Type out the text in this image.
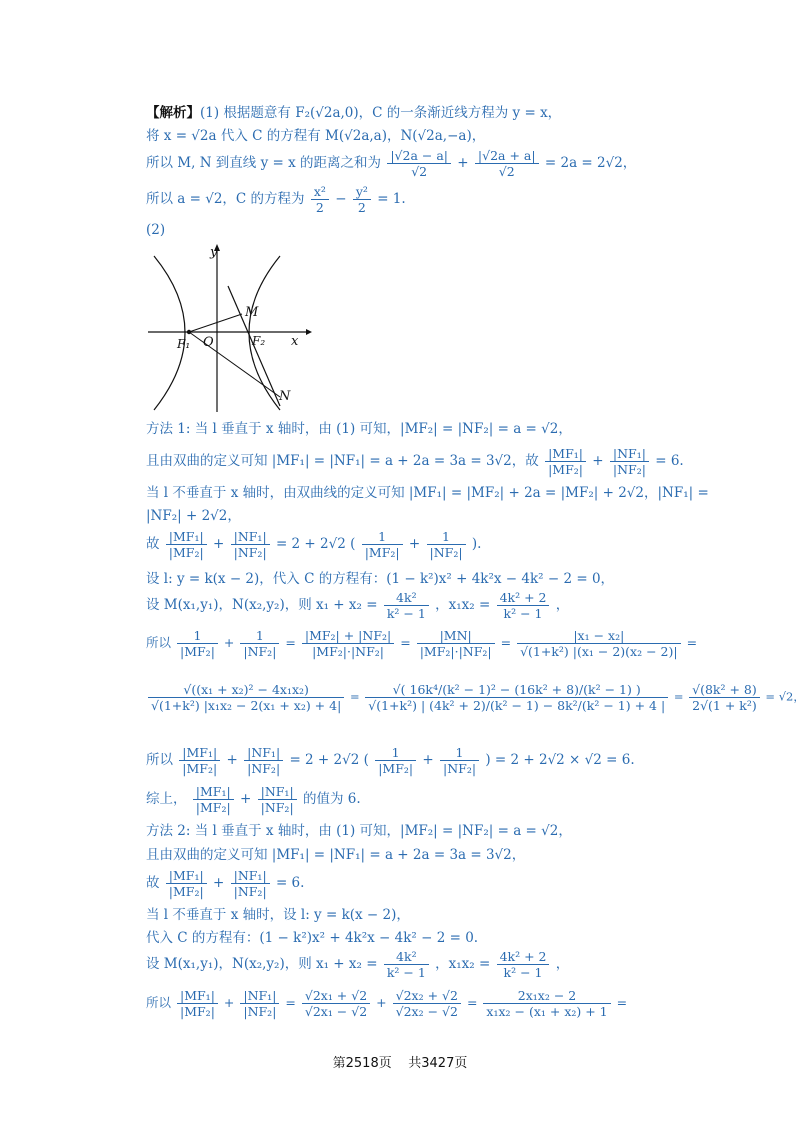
【解析】(1) 根据题意有 F₂(√2a,0)，C 的一条渐近线方程为 y = x，
将 x = √2a 代入 C 的方程有 M(√2a,a)，N(√2a,−a)，
所以 M, N 到直线 y = x 的距离之和为 $\frac{|√2a - a|}{√2} + \frac{|√2a + a|}{√2} = 2a = 2√2$，
所以 a = √2，C 的方程为 $\frac{\text{x²}}{2} - \frac{\text{y²}}{2} = 1$.
(2)
y
x
O
F₁	F₂
M
N
方法 1: 当 l 垂直于 x 轴时，由 (1) 可知，|MF₂| = |NF₂| = a = √2，
且由双曲的定义可知 |MF₁| = |NF₁| = a + 2a = 3a = 3√2，故 $\frac{\text{|MF₁|}}{\text{|MF₂|}} + \frac{\text{|NF₁|}}{\text{|NF₂|}} = 6$.
当 l 不垂直于 x 轴时，由双曲线的定义可知 |MF₁| = |MF₂| + 2a = |MF₂| + 2√2，|NF₁| =
|NF₂| + 2√2，
故 $\frac{\text{|MF₁|}}{\text{|MF₂|}} + \frac{\text{|NF₁|}}{\text{|NF₂|}} = 2 + 2√2$ ( $\frac{1}{\text{|MF₂|}} + \frac{1}{\text{|NF₂|}}$ ).
设 l: y = k(x − 2)，代入 C 的方程有：(1 − k²)x² + 4k²x − 4k² − 2 = 0，
设 M(x₁,y₁)，N(x₂,y₂)，则 $x_1 + x_2 = \frac{\text{4k²}}{\text{k² − 1}}$ ，$x_1x_2 = \frac{\text{4k² + 2}}{\text{k² − 1}}$ ，
所以 $\frac{1}{\text{|MF₂|}} + \frac{1}{\text{|NF₂|}} = \frac{\text{|MF₂| + |NF₂|}}{\text{|MF₂|·|NF₂|}} = \frac{|MN|}{\text{|MF₂|·|NF₂|}} = \frac{\text{|x₁ − x₂|}}{\text{√(1+k²) |(x₁ − 2)(x₂ − 2)|}}$ =
$\frac{\text{√((x₁ + x₂)² − 4x₁x₂)}}{\text{√(1+k²) |x₁x₂ − 2(x₁ + x₂) + 4|}} = \frac{\text{√( 16k⁴/(k² − 1)² − (16k² + 8)/(k² − 1) )}}{\text{√(1+k²) | (4k² + 2)/(k² − 1) − 8k²/(k² − 1) + 4 |}} = \frac{\text{√(8k² + 8)}}{\text{2√(1 + k²)}} = √2$，
所以 $\frac{\text{|MF₁|}}{\text{|MF₂|}} + \frac{\text{|NF₁|}}{\text{|NF₂|}} = 2 + 2√2$ ( $\frac{1}{\text{|MF₂|}} + \frac{1}{\text{|NF₂|}}$ ) = 2 + 2√2 × √2 = 6.
综上， $\frac{\text{|MF₁|}}{\text{|MF₂|}} + \frac{\text{|NF₁|}}{\text{|NF₂|}}$ 的值为 6.
方法 2: 当 l 垂直于 x 轴时，由 (1) 可知，|MF₂| = |NF₂| = a = √2，
且由双曲的定义可知 |MF₁| = |NF₁| = a + 2a = 3a = 3√2，
故 $\frac{\text{|MF₁|}}{\text{|MF₂|}} + \frac{\text{|NF₁|}}{\text{|NF₂|}} = 6$.
当 l 不垂直于 x 轴时，设 l: y = k(x − 2)，
代入 C 的方程有：(1 − k²)x² + 4k²x − 4k² − 2 = 0.
设 M(x₁,y₁)，N(x₂,y₂)，则 $x_1 + x_2 = \frac{\text{4k²}}{\text{k² − 1}}$ ，$x_1x_2 = \frac{\text{4k² + 2}}{\text{k² − 1}}$ ，
所以 $\frac{\text{|MF₁|}}{\text{|MF₂|}} + \frac{\text{|NF₁|}}{\text{|NF₂|}} = \frac{\text{√2x₁ + √2}}{\text{√2x₁ − √2}} + \frac{\text{√2x₂ + √2}}{\text{√2x₂ − √2}} = \frac{\text{2x₁x₂ − 2}}{\text{x₁x₂ − (x₁ + x₂) + 1}}$ =
第2518页 共3427页
